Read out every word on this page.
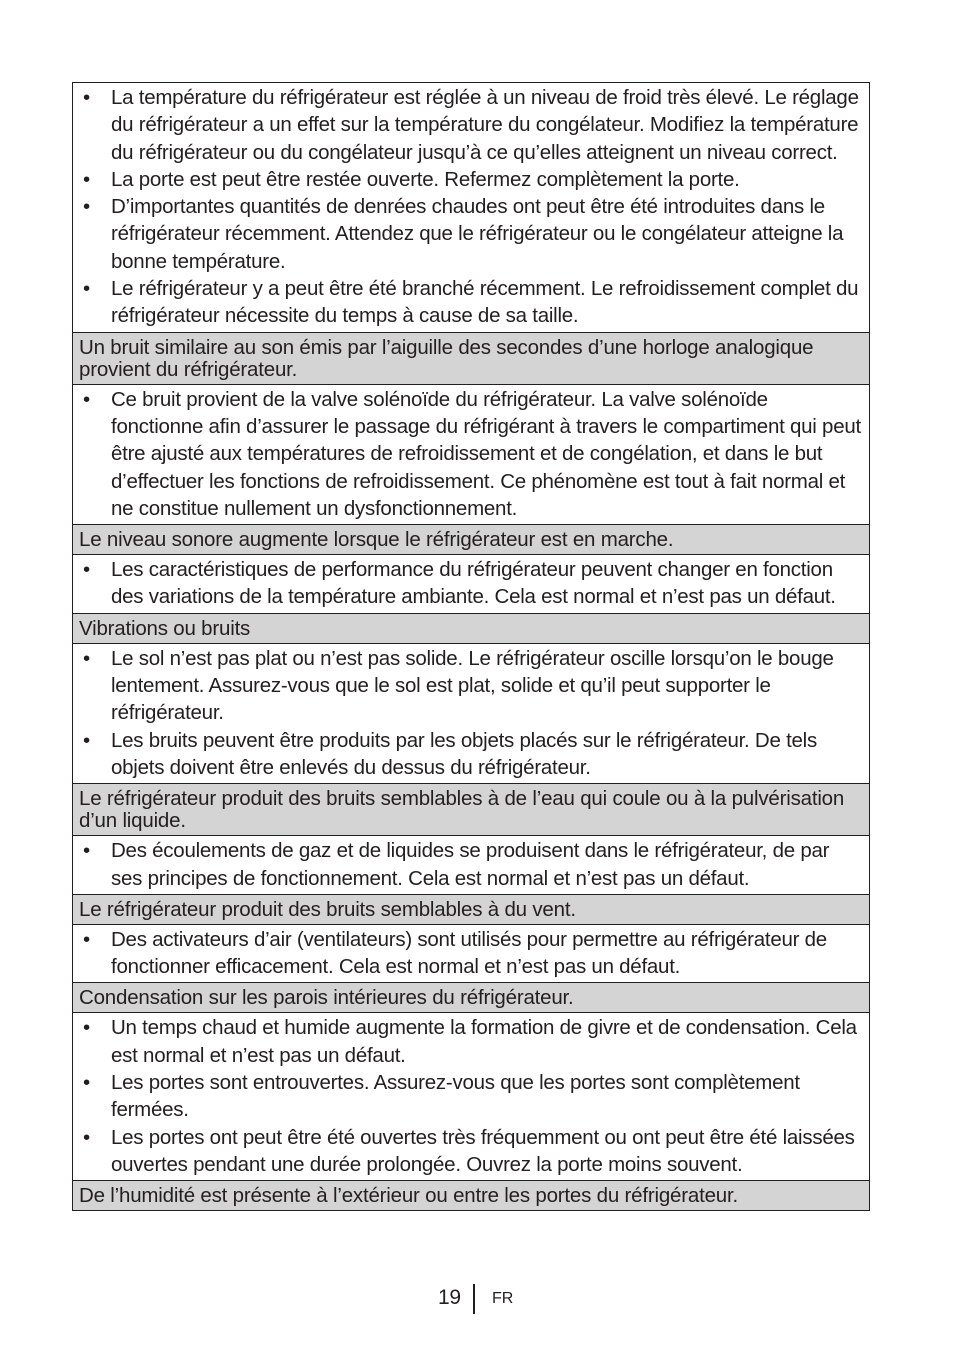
•	La température du réfrigérateur est réglée à un niveau de froid très élevé. Le réglage du réfrigérateur a un effet sur la température du congélateur. Modifiez la température du réfrigérateur ou du congélateur jusqu’à ce qu’elles atteignent un niveau correct.
•	La porte est peut être restée ouverte. Refermez complètement la porte.
•	D’importantes quantités de denrées chaudes ont peut être été introduites dans le réfrigérateur récemment. Attendez que le réfrigérateur ou le congélateur atteigne la bonne température.
•	Le réfrigérateur y a peut être été branché récemment. Le refroidissement complet du réfrigérateur nécessite du temps à cause de sa taille.
Un bruit similaire au son émis par l’aiguille des secondes d’une horloge analogique provient du réfrigérateur.
•	Ce bruit provient de la valve solénoïde du réfrigérateur. La valve solénoïde fonctionne afin d’assurer le passage du réfrigérant à travers le compartiment qui peut être ajusté aux températures de refroidissement et de congélation, et dans le but d’effectuer les fonctions de refroidissement. Ce phénomène est tout à fait normal et ne constitue nullement un dysfonctionnement.
Le niveau sonore augmente lorsque le réfrigérateur est en marche.
•	Les caractéristiques de performance du réfrigérateur peuvent changer en fonction des variations de la température ambiante. Cela est normal et n’est pas un défaut.
Vibrations ou bruits
•	Le sol n’est pas plat ou n’est pas solide. Le réfrigérateur oscille lorsqu’on le bouge lentement. Assurez-vous que le sol est plat, solide et qu’il peut supporter le réfrigérateur.
•	Les bruits peuvent être produits par les objets placés sur le réfrigérateur. De tels objets doivent être enlevés du dessus du réfrigérateur.
Le réfrigérateur produit des bruits semblables à de l’eau qui coule ou à la pulvérisation d’un liquide.
•	Des écoulements de gaz et de liquides se produisent dans le réfrigérateur, de par ses principes de fonctionnement. Cela est normal et n’est pas un défaut.
Le réfrigérateur produit des bruits semblables à du vent.
•	Des activateurs d’air (ventilateurs) sont utilisés pour permettre au réfrigérateur de fonctionner efficacement. Cela est normal et n’est pas un défaut.
Condensation sur les parois intérieures du réfrigérateur.
•	Un temps chaud et humide augmente la formation de givre et de condensation. Cela est normal et n’est pas un défaut.
•	Les portes sont entrouvertes. Assurez-vous que les portes sont complètement fermées.
•	Les portes ont peut être été ouvertes très fréquemment ou ont peut être été laissées ouvertes pendant une durée prolongée. Ouvrez la porte moins souvent.
De l’humidité est présente à l’extérieur ou entre les portes du réfrigérateur.
19 FR
